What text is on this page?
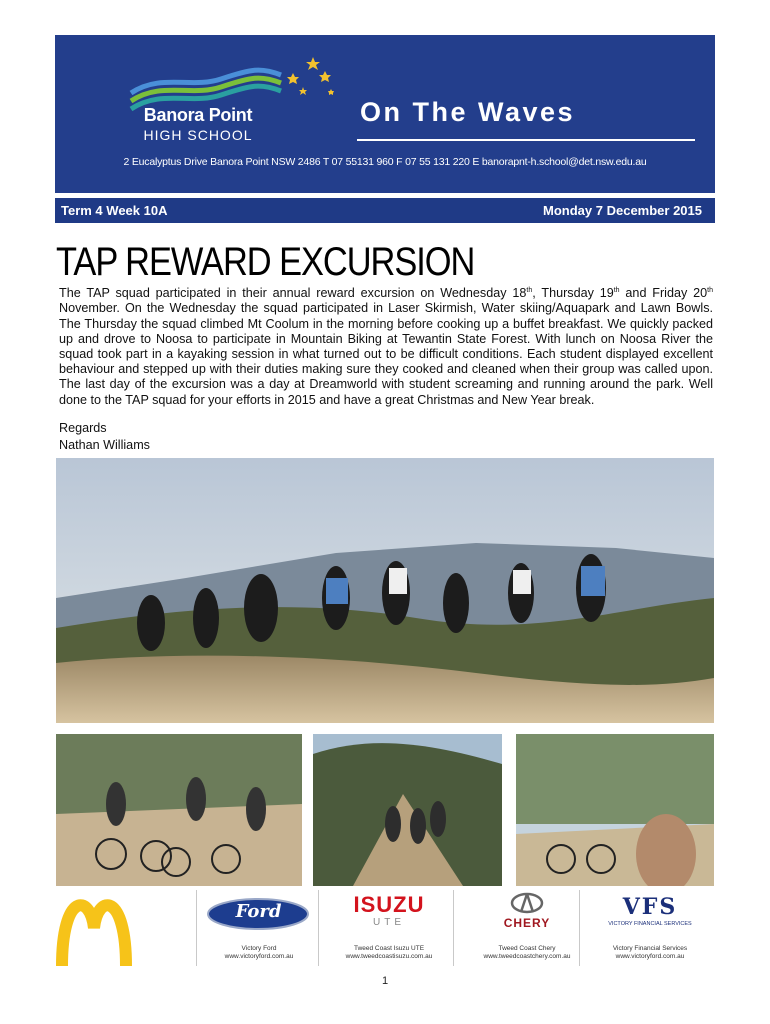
Banora Point
HIGH SCHOOL
On The Waves
2 Eucalyptus Drive Banora Point NSW 2486 T 07 55131 960 F 07 55 131 220 E banorapnt-h.school@det.nsw.edu.au
Term 4 Week 10A	Monday 7 December 2015
TAP REWARD EXCURSION
The TAP squad participated in their annual reward excursion on Wednesday 18th, Thursday 19th and Friday 20th November. On the Wednesday the squad participated in Laser Skirmish, Water skiing/Aquapark and Lawn Bowls. The Thursday the squad climbed Mt Coolum in the morning before cooking up a buffet breakfast. We quickly packed up and drove to Noosa to participate in Mountain Biking at Tewantin State Forest. With lunch on Noosa River the squad took part in a kayaking session in what turned out to be difficult conditions. Each student displayed excellent behaviour and stepped up with their duties making sure they cooked and cleaned when their group was called upon. The last day of the excursion was a day at Dreamworld with student screaming and running around the park. Well done to the TAP squad for your efforts in 2015 and have a great Christmas and New Year break.
Regards
Nathan Williams
Ford
Victory Ford
www.victoryford.com.au
ISUZU
UTE
Tweed Coast Isuzu UTE
www.tweedcoastisuzu.com.au
CHERY
Tweed Coast Chery
www.tweedcoastchery.com.au
VFS
VICTORY FINANCIAL SERVICES
Victory Financial Services
www.victoryford.com.au
1
